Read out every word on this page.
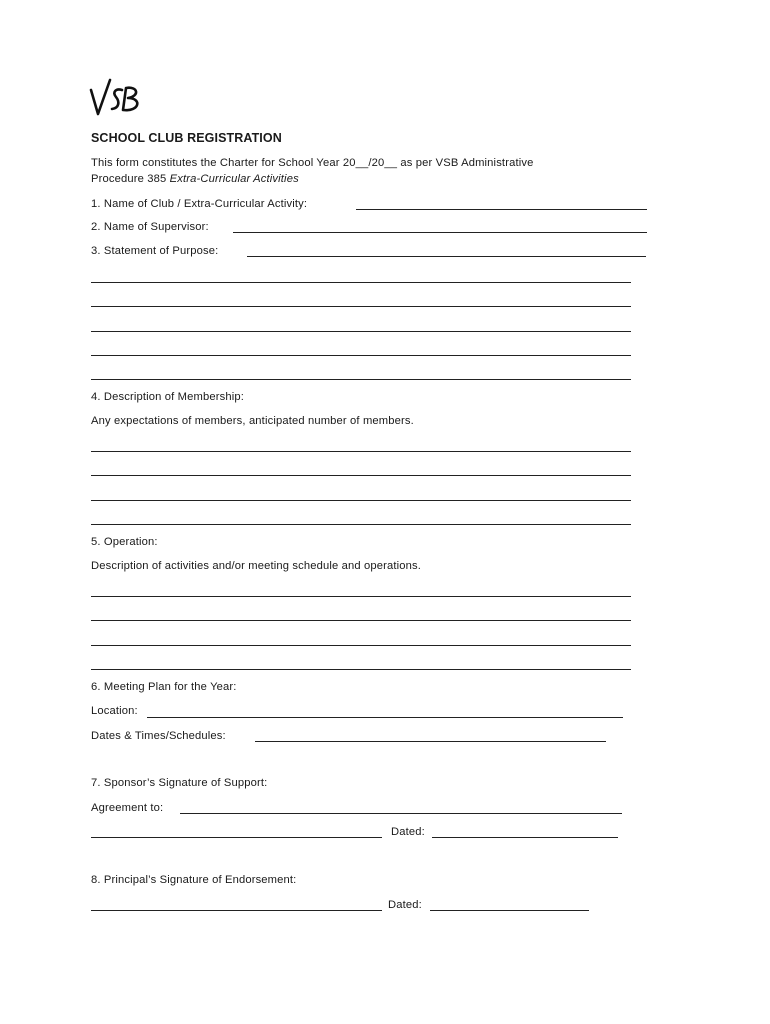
SCHOOL CLUB REGISTRATION
This form constitutes the Charter for School Year 20__/20__ as per VSB Administrative
Procedure 385 Extra-Curricular Activities
1. Name of Club / Extra-Curricular Activity:
2. Name of Supervisor:
3. Statement of Purpose:
4. Description of Membership:
Any expectations of members, anticipated number of members.
5. Operation:
Description of activities and/or meeting schedule and operations.
6. Meeting Plan for the Year:
Location:
Dates & Times/Schedules:
7. Sponsor’s Signature of Support:
Agreement to:
Dated:
8. Principal’s Signature of Endorsement:
Dated:
